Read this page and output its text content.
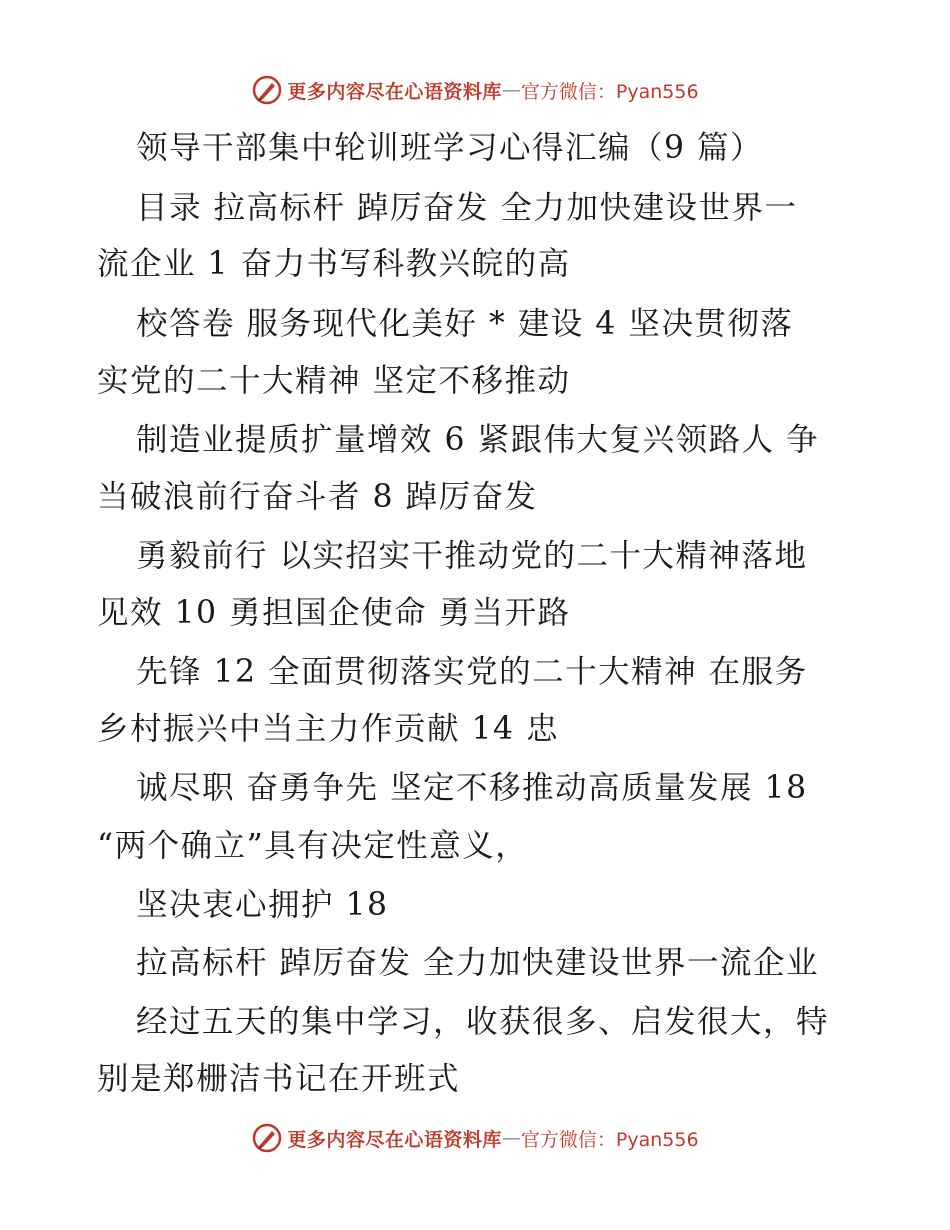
更多内容尽在心语资料库 — 官方微信：Pyan556
领导干部集中轮训班学习心得汇编（9 篇）
目录 拉高标杆 踔厉奋发 全力加快建设世界一
流企业 1 奋力书写科教兴皖的高
校答卷 服务现代化美好 * 建设 4 坚决贯彻落
实党的二十大精神 坚定不移推动
制造业提质扩量增效 6 紧跟伟大复兴领路人 争
当破浪前行奋斗者 8 踔厉奋发
勇毅前行 以实招实干推动党的二十大精神落地
见效 10 勇担国企使命 勇当开路
先锋 12 全面贯彻落实党的二十大精神 在服务
乡村振兴中当主力作贡献 14 忠
诚尽职 奋勇争先 坚定不移推动高质量发展 18
“两个确立”具有决定性意义，
坚决衷心拥护 18
拉高标杆 踔厉奋发 全力加快建设世界一流企业
经过五天的集中学习，收获很多、启发很大，特
别是郑栅洁书记在开班式
更多内容尽在心语资料库 — 官方微信：Pyan556
